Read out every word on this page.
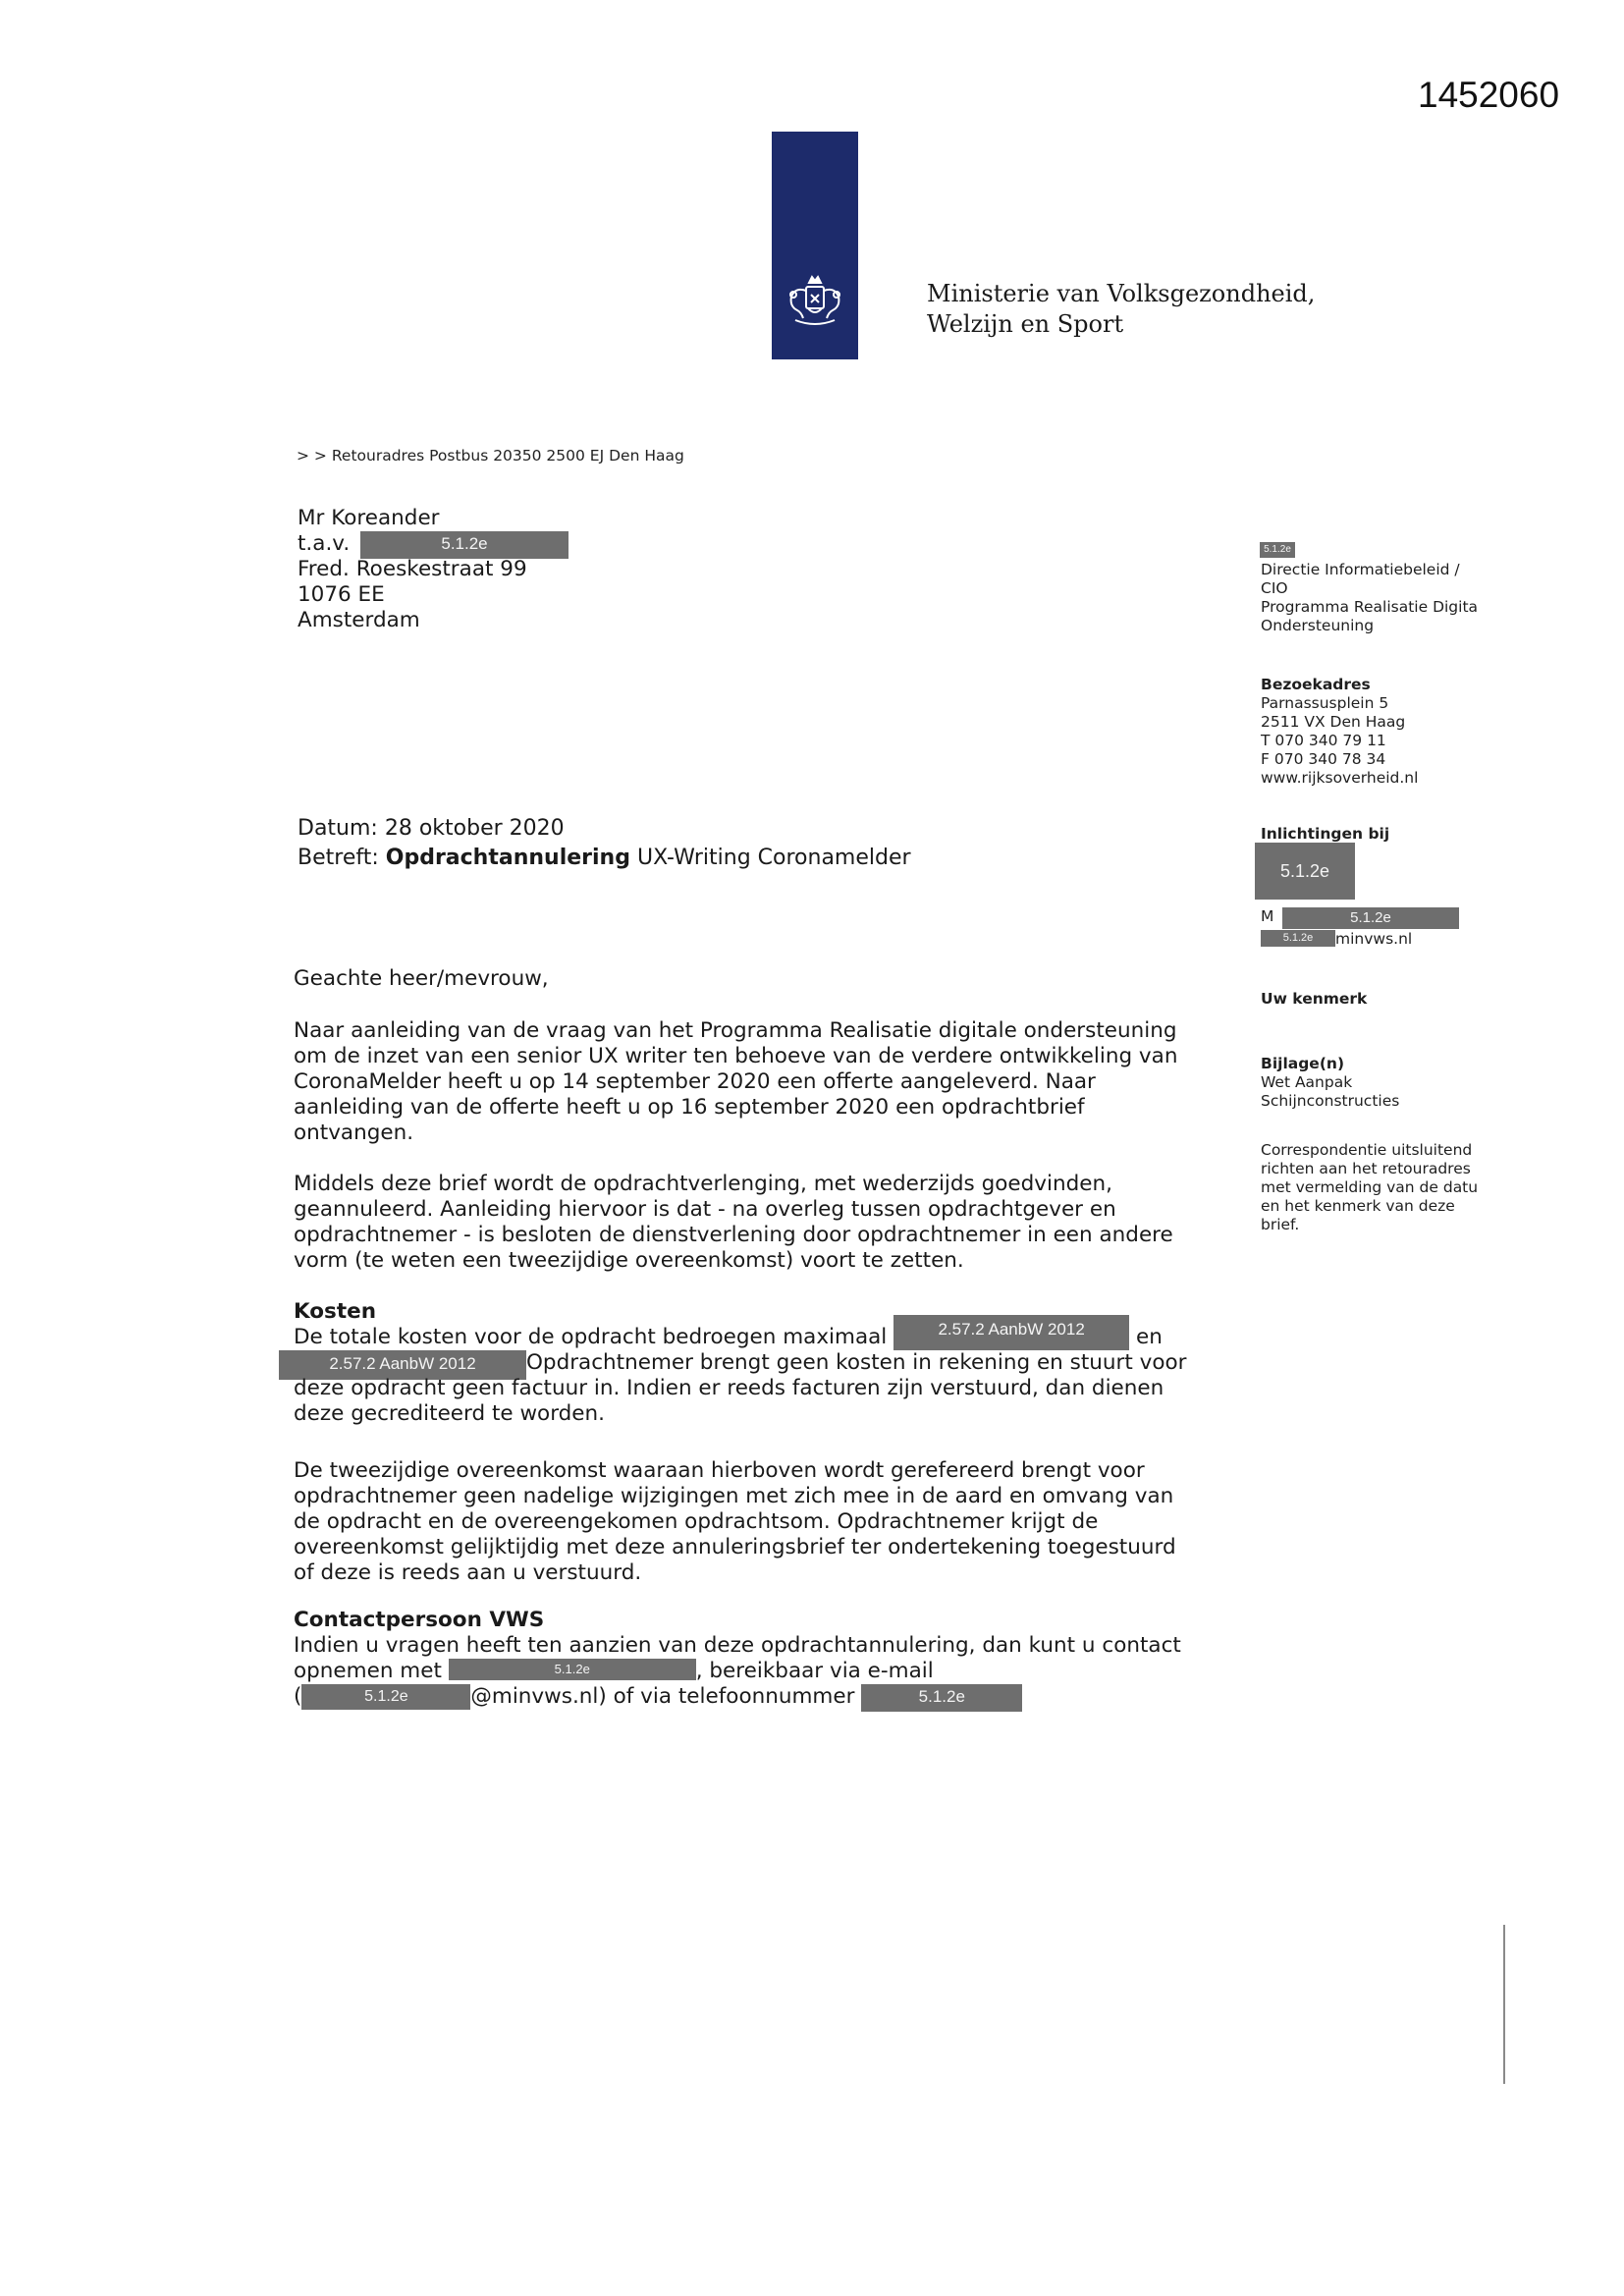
1452060
Ministerie van Volksgezondheid,
Welzijn en Sport
> > Retouradres Postbus 20350 2500 EJ Den Haag
Mr Koreander
t.a.v.	5.1.2e
Fred. Roeskestraat 99
1076 EE
Amsterdam
5.1.2e
Directie Informatiebeleid /
CIO
Programma Realisatie Digita
Ondersteuning
Bezoekadres
Parnassusplein 5
2511 VX Den Haag
T 070 340 79 11
F 070 340 78 34
www.rijksoverheid.nl
Inlichtingen bij
5.1.2e
M	5.1.2e
5.1.2e minvws.nl
Uw kenmerk
Bijlage(n)
Wet Aanpak
Schijnconstructies
Correspondentie uitsluitend
richten aan het retouradres
met vermelding van de datu
en het kenmerk van deze
brief.
Datum: 28 oktober 2020
Betreft: Opdrachtannulering UX-Writing Coronamelder
Geachte heer/mevrouw,
Naar aanleiding van de vraag van het Programma Realisatie digitale ondersteuning
om de inzet van een senior UX writer ten behoeve van de verdere ontwikkeling van
CoronaMelder heeft u op 14 september 2020 een offerte aangeleverd. Naar
aanleiding van de offerte heeft u op 16 september 2020 een opdrachtbrief
ontvangen.
Middels deze brief wordt de opdrachtverlenging, met wederzijds goedvinden,
geannuleerd. Aanleiding hiervoor is dat - na overleg tussen opdrachtgever en
opdrachtnemer - is besloten de dienstverlening door opdrachtnemer in een andere
vorm (te weten een tweezijdige overeenkomst) voort te zetten.
Kosten
De totale kosten voor de opdracht bedroegen maximaal	2.57.2 AanbW 2012 en
2.57.2 AanbW 2012 Opdrachtnemer brengt geen kosten in rekening en stuurt voor
deze opdracht geen factuur in. Indien er reeds facturen zijn verstuurd, dan dienen
deze gecrediteerd te worden.
De tweezijdige overeenkomst waaraan hierboven wordt gerefereerd brengt voor
opdrachtnemer geen nadelige wijzigingen met zich mee in de aard en omvang van
de opdracht en de overeengekomen opdrachtsom. Opdrachtnemer krijgt de
overeenkomst gelijktijdig met deze annuleringsbrief ter ondertekening toegestuurd
of deze is reeds aan u verstuurd.
Contactpersoon VWS
Indien u vragen heeft ten aanzien van deze opdrachtannulering, dan kunt u contact
opnemen met	5.1.2e	, bereikbaar via e-mail
(	5.1.2e	@minvws.nl) of via telefoonnummer	5.1.2e
